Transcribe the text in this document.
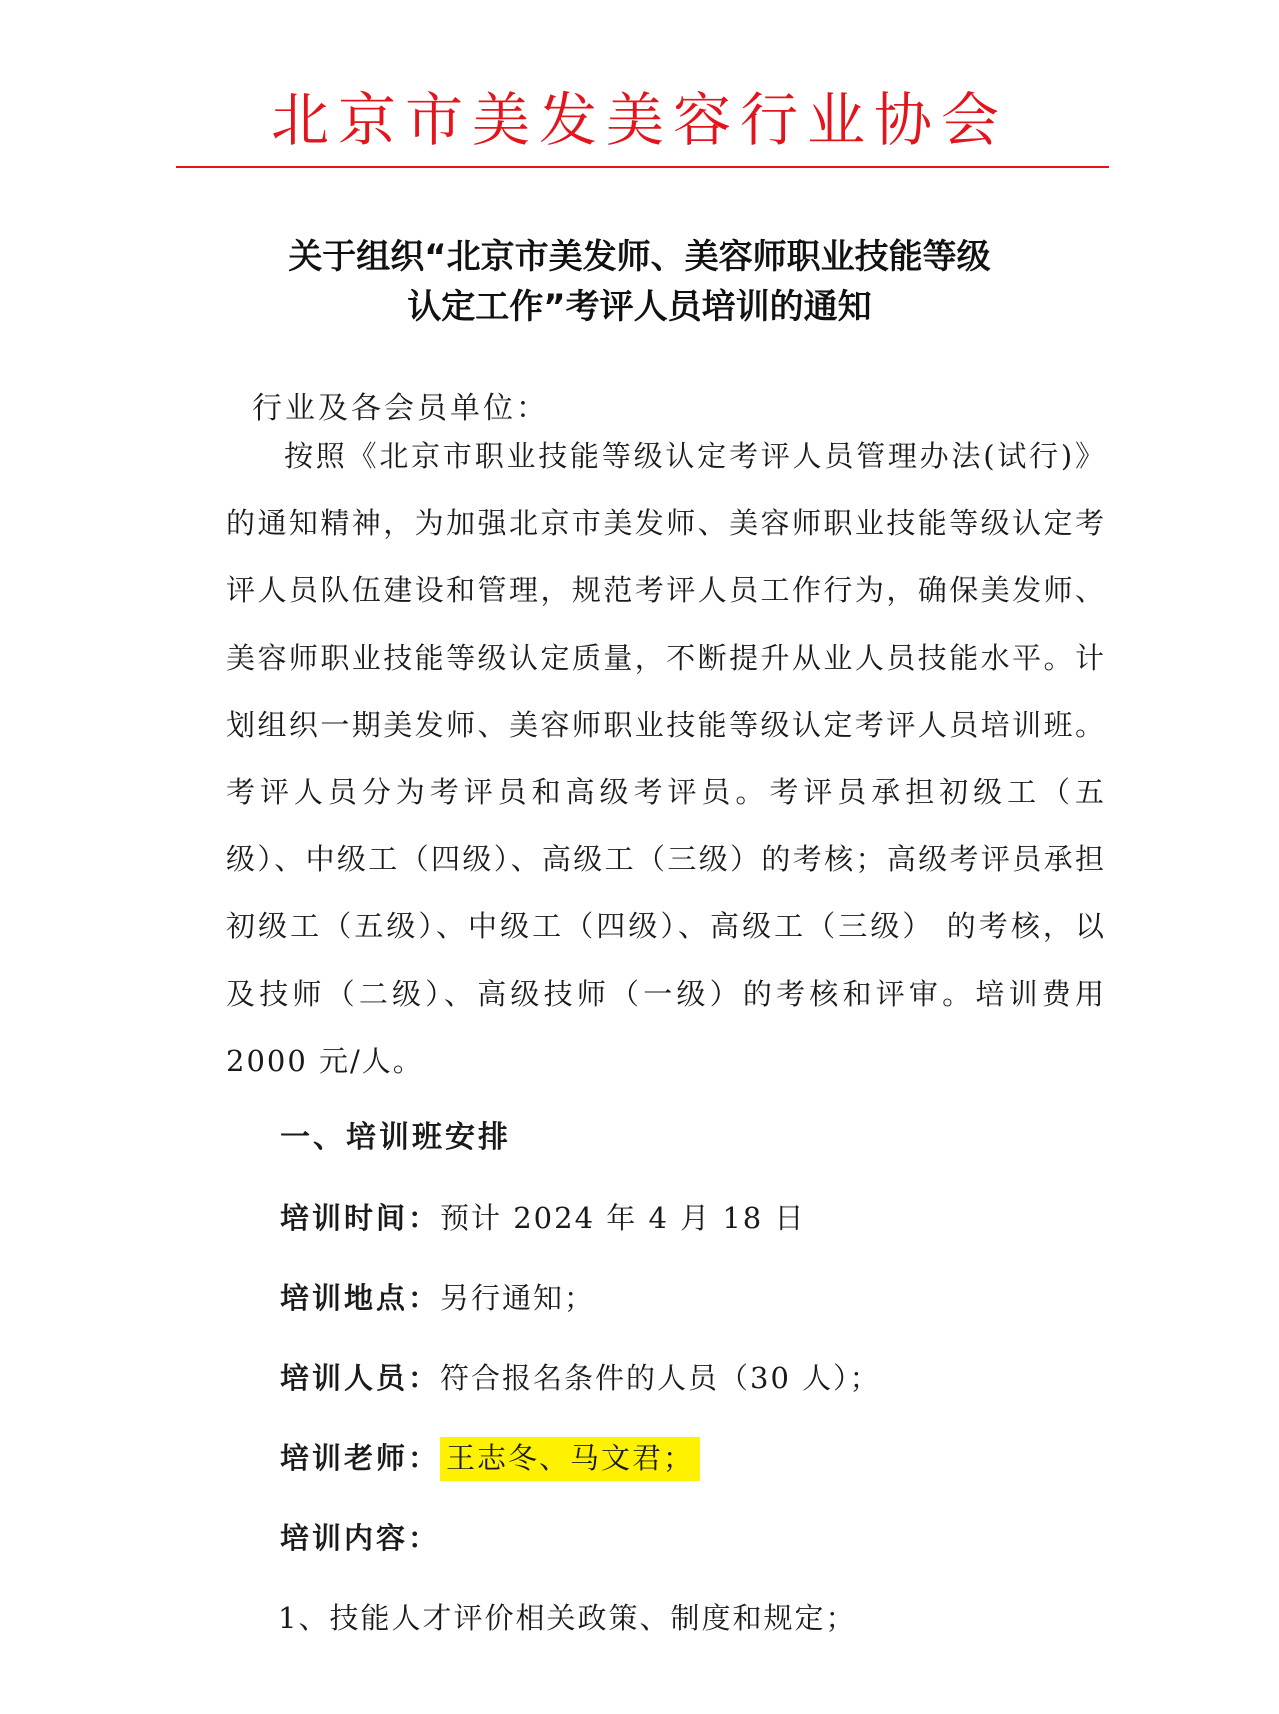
北京市美发美容行业协会
关于组织“北京市美发师、美容师职业技能等级
认定工作”考评人员培训的通知
行业及各会员单位：
按照《北京市职业技能等级认定考评人员管理办法(试行)》的通知精神，为加强北京市美发师、美容师职业技能等级认定考评人员队伍建设和管理，规范考评人员工作行为，确保美发师、美容师职业技能等级认定质量，不断提升从业人员技能水平。计划组织一期美发师、美容师职业技能等级认定考评人员培训班。考评人员分为考评员和高级考评员。考评员承担初级工（五级）、中级工（四级）、高级工（三级）的考核；高级考评员承担初级工（五级）、中级工（四级）、高级工（三级） 的考核，以及技师（二级）、高级技师（一级）的考核和评审。培训费用 2000 元/人。
一、培训班安排
培训时间：预计 2024 年 4 月 18 日
培训地点：另行通知；
培训人员：符合报名条件的人员（30 人）；
培训老师： 王志冬、马文君；
培训内容：
1、技能人才评价相关政策、制度和规定；
